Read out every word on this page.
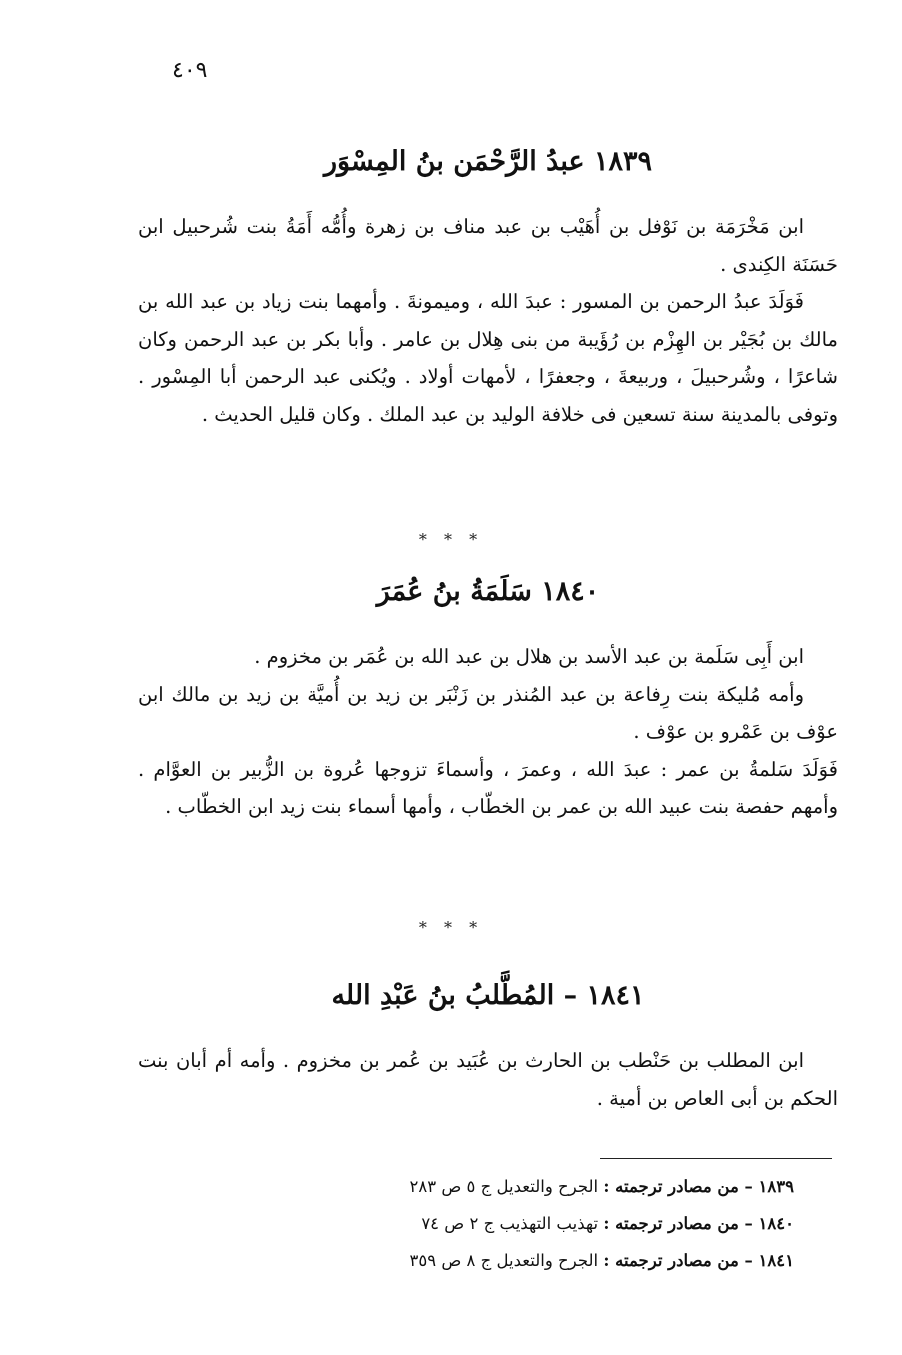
٤٠٩
١٨٣٩ عبدُ الرَّحْمَن بنُ المِسْوَر

ابن مَخْرَمَة بن نَوْفل بن أُهَيْب بن عبد مناف بن زهرة وأُمُّه أَمَةُ بنت شُرحبيل ابن حَسَنَة الكِندى .

فَوَلَدَ عبدُ الرحمن بن المسور : عبدَ الله ، وميمونةَ . وأمهما بنت زياد بن عبد الله بن مالك بن بُجَيْر بن الهِزْم بن رُؤَيبة من بنى هِلال بن عامر . وأبا بكر بن عبد الرحمن وكان شاعرًا ، وشُرحبيلَ ، وربيعةَ ، وجعفرًا ، لأمهات أولاد . ويُكنى عبد الرحمن أبا المِسْور . وتوفى بالمدينة سنة تسعين فى خلافة الوليد بن عبد الملك . وكان قليل الحديث .

* * *
١٨٤٠ سَلَمَةُ بنُ عُمَرَ

ابن أَبِى سَلَمة بن عبد الأسد بن هلال بن عبد الله بن عُمَر بن مخزوم .

وأمه مُليكة بنت رِفاعة بن عبد المُنذر بن زَنْبَر بن زيد بن أُميَّة بن زيد بن مالك ابن عوْف بن عَمْرو بن عوْف .

فَوَلَدَ سَلمةُ بن عمر : عبدَ الله ، وعمرَ ، وأسماءَ تزوجها عُروة بن الزُّبير بن العوَّام . وأمهم حفصة بنت عبيد الله بن عمر بن الخطّاب ، وأمها أسماء بنت زيد ابن الخطّاب .

* * *
١٨٤١ – المُطَّلبُ بنُ عَبْدِ الله

ابن المطلب بن حَنْطب بن الحارث بن عُبَيد بن عُمر بن مخزوم . وأمه أم أبان بنت الحكم بن أبى العاص بن أمية .

١٨٣٩ – من مصادر ترجمته : الجرح والتعديل ج ٥ ص ٢٨٣

١٨٤٠ – من مصادر ترجمته : تهذيب التهذيب ج ٢ ص ٧٤

١٨٤١ – من مصادر ترجمته : الجرح والتعديل ج ٨ ص ٣٥٩
